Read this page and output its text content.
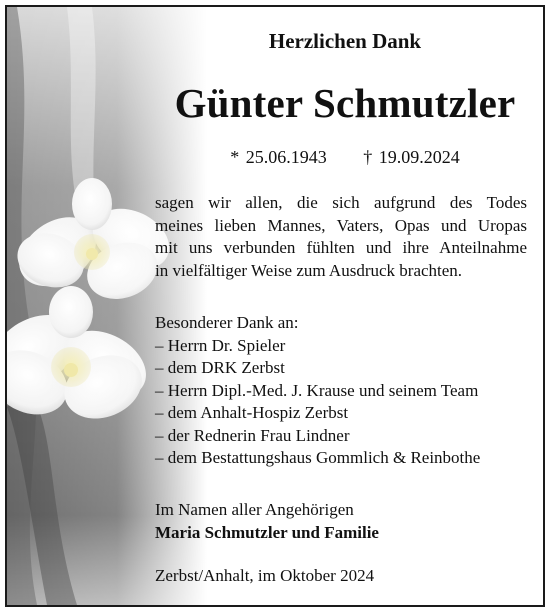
Herzlichen Dank
Günter Schmutzler
* 25.06.1943 † 19.09.2024
sagen wir allen, die sich aufgrund des Todes
meines lieben Mannes, Vaters, Opas und Uropas
mit uns verbunden fühlten und ihre Anteilnahme
in vielfältiger Weise zum Ausdruck brachten.
Besonderer Dank an:
– Herrn Dr. Spieler
– dem DRK Zerbst
– Herrn Dipl.-Med. J. Krause und seinem Team
– dem Anhalt-Hospiz Zerbst
– der Rednerin Frau Lindner
– dem Bestattungshaus Gommlich & Reinbothe
Im Namen aller Angehörigen
Maria Schmutzler und Familie
Zerbst/Anhalt, im Oktober 2024
